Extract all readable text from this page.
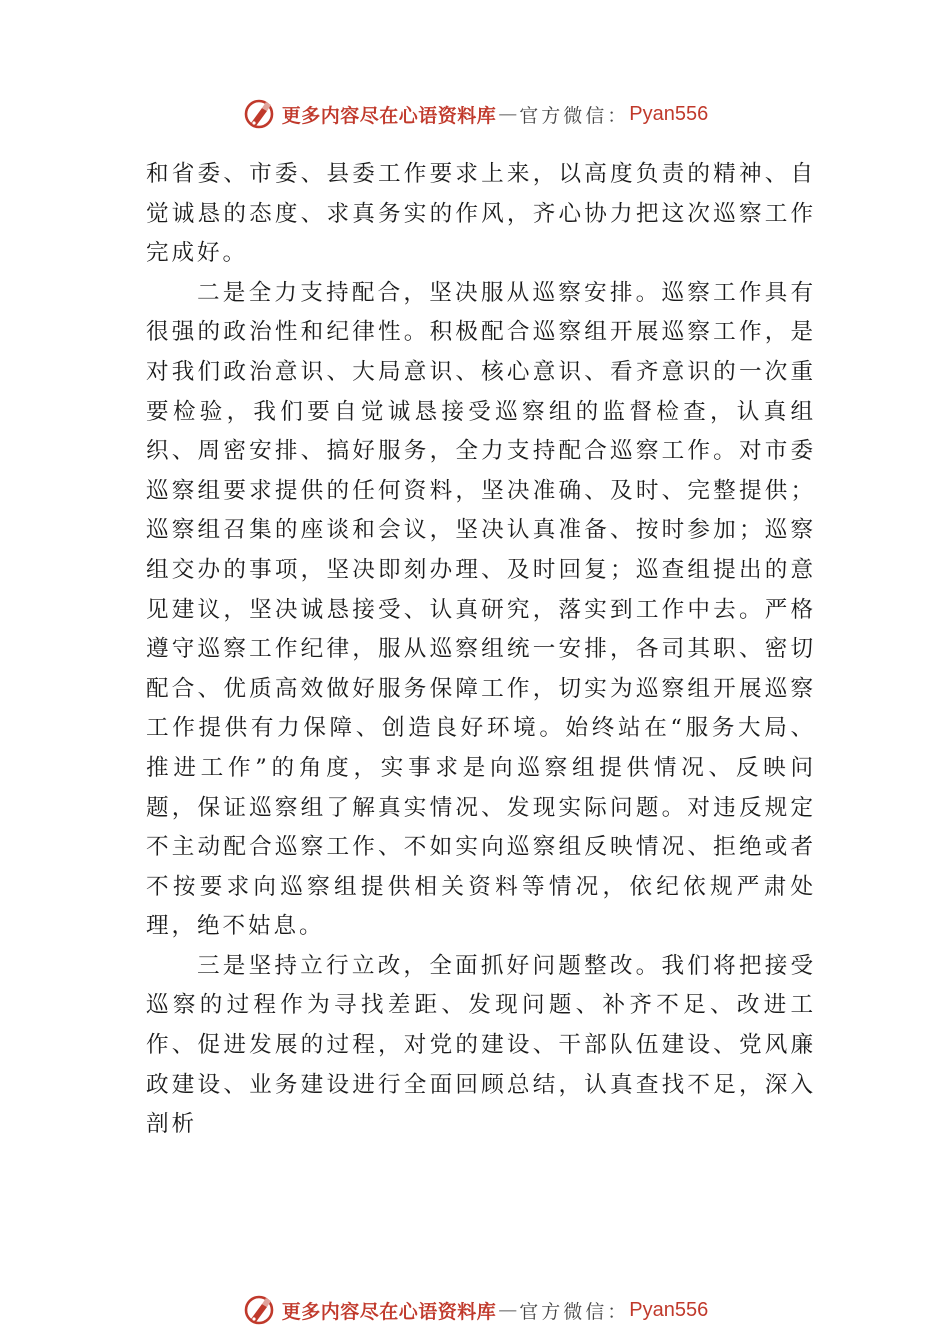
更多内容尽在心语资料库 — 官方微信： Pyan556

和省委、市委、县委工作要求上来，以高度负责的精神、自觉诚恳的态度、求真务实的作风，齐心协力把这次巡察工作完成好。

二是全力支持配合，坚决服从巡察安排。巡察工作具有很强的政治性和纪律性。积极配合巡察组开展巡察工作，是对我们政治意识、大局意识、核心意识、看齐意识的一次重要检验，我们要自觉诚恳接受巡察组的监督检查，认真组织、周密安排、搞好服务，全力支持配合巡察工作。对市委巡察组要求提供的任何资料，坚决准确、及时、完整提供；巡察组召集的座谈和会议，坚决认真准备、按时参加；巡察组交办的事项，坚决即刻办理、及时回复；巡查组提出的意见建议，坚决诚恳接受、认真研究，落实到工作中去。严格遵守巡察工作纪律，服从巡察组统一安排，各司其职、密切配合、优质高效做好服务保障工作，切实为巡察组开展巡察工作提供有力保障、创造良好环境。始终站在“服务大局、推进工作”的角度，实事求是向巡察组提供情况、反映问题，保证巡察组了解真实情况、发现实际问题。对违反规定不主动配合巡察工作、不如实向巡察组反映情况、拒绝或者不按要求向巡察组提供相关资料等情况，依纪依规严肃处理，绝不姑息。

三是坚持立行立改，全面抓好问题整改。我们将把接受巡察的过程作为寻找差距、发现问题、补齐不足、改进工作、促进发展的过程，对党的建设、干部队伍建设、党风廉政建设、业务建设进行全面回顾总结，认真查找不足，深入剖析

更多内容尽在心语资料库 — 官方微信： Pyan556
